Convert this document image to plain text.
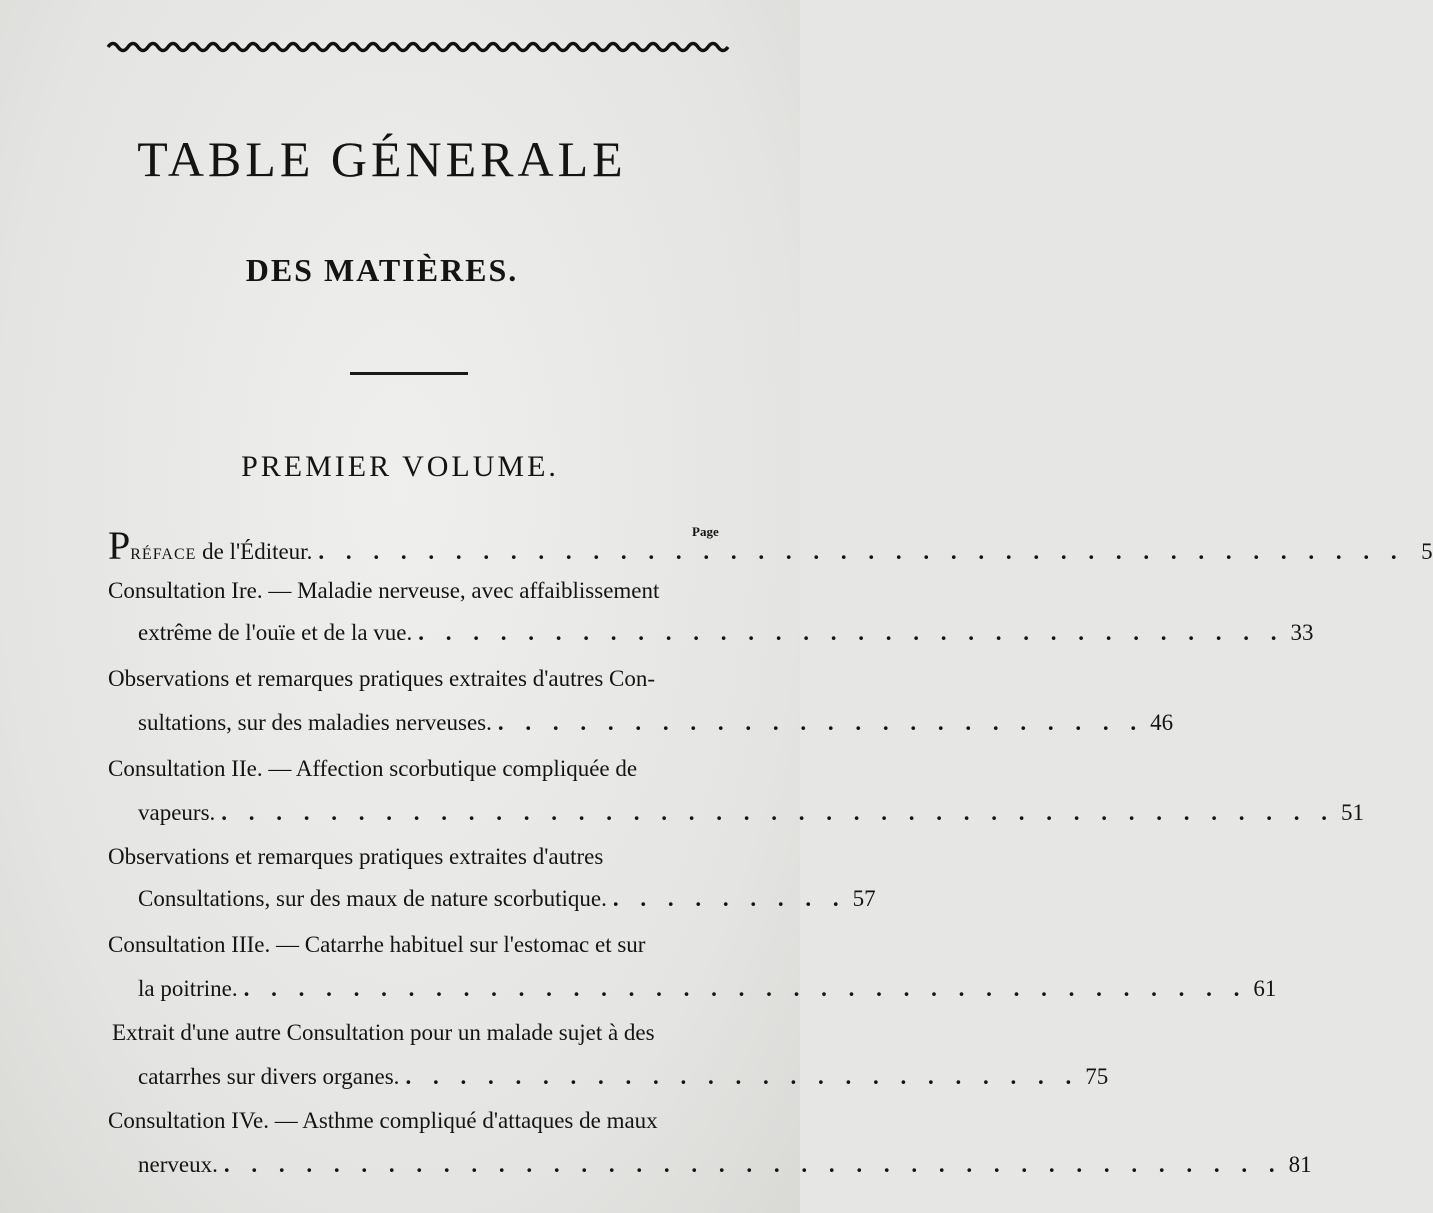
TABLE GÉNERALE
DES MATIÈRES.
PREMIER VOLUME.
Page
Préface de l'Éditeur. . . . . . . . . . . . . . . . . . . . . . . . . . . . . . . . . . . . . . . . . 5
Consultation Ire. — Maladie nerveuse, avec affaiblissement
extrême de l'ouïe et de la vue. . . . . . . . . . . . . . . . . . . . . . . . . . . . . . . . . 33
Observations et remarques pratiques extraites d'autres Con-
sultations, sur des maladies nerveuses. . . . . . . . . . . . . . . . . . . . . . . . . 46
Consultation IIe. — Affection scorbutique compliquée de
vapeurs. . . . . . . . . . . . . . . . . . . . . . . . . . . . . . . . . . . . . . . . . . 51
Observations et remarques pratiques extraites d'autres
Consultations, sur des maux de nature scorbutique. . . . . . . . . . 57
Consultation IIIe. — Catarrhe habituel sur l'estomac et sur
la poitrine. . . . . . . . . . . . . . . . . . . . . . . . . . . . . . . . . . . . . . 61
Extrait d'une autre Consultation pour un malade sujet à des
catarrhes sur divers organes. . . . . . . . . . . . . . . . . . . . . . . . . . 75
Consultation IVe. — Asthme compliqué d'attaques de maux
nerveux. . . . . . . . . . . . . . . . . . . . . . . . . . . . . . . . . . . . . . . . 81
